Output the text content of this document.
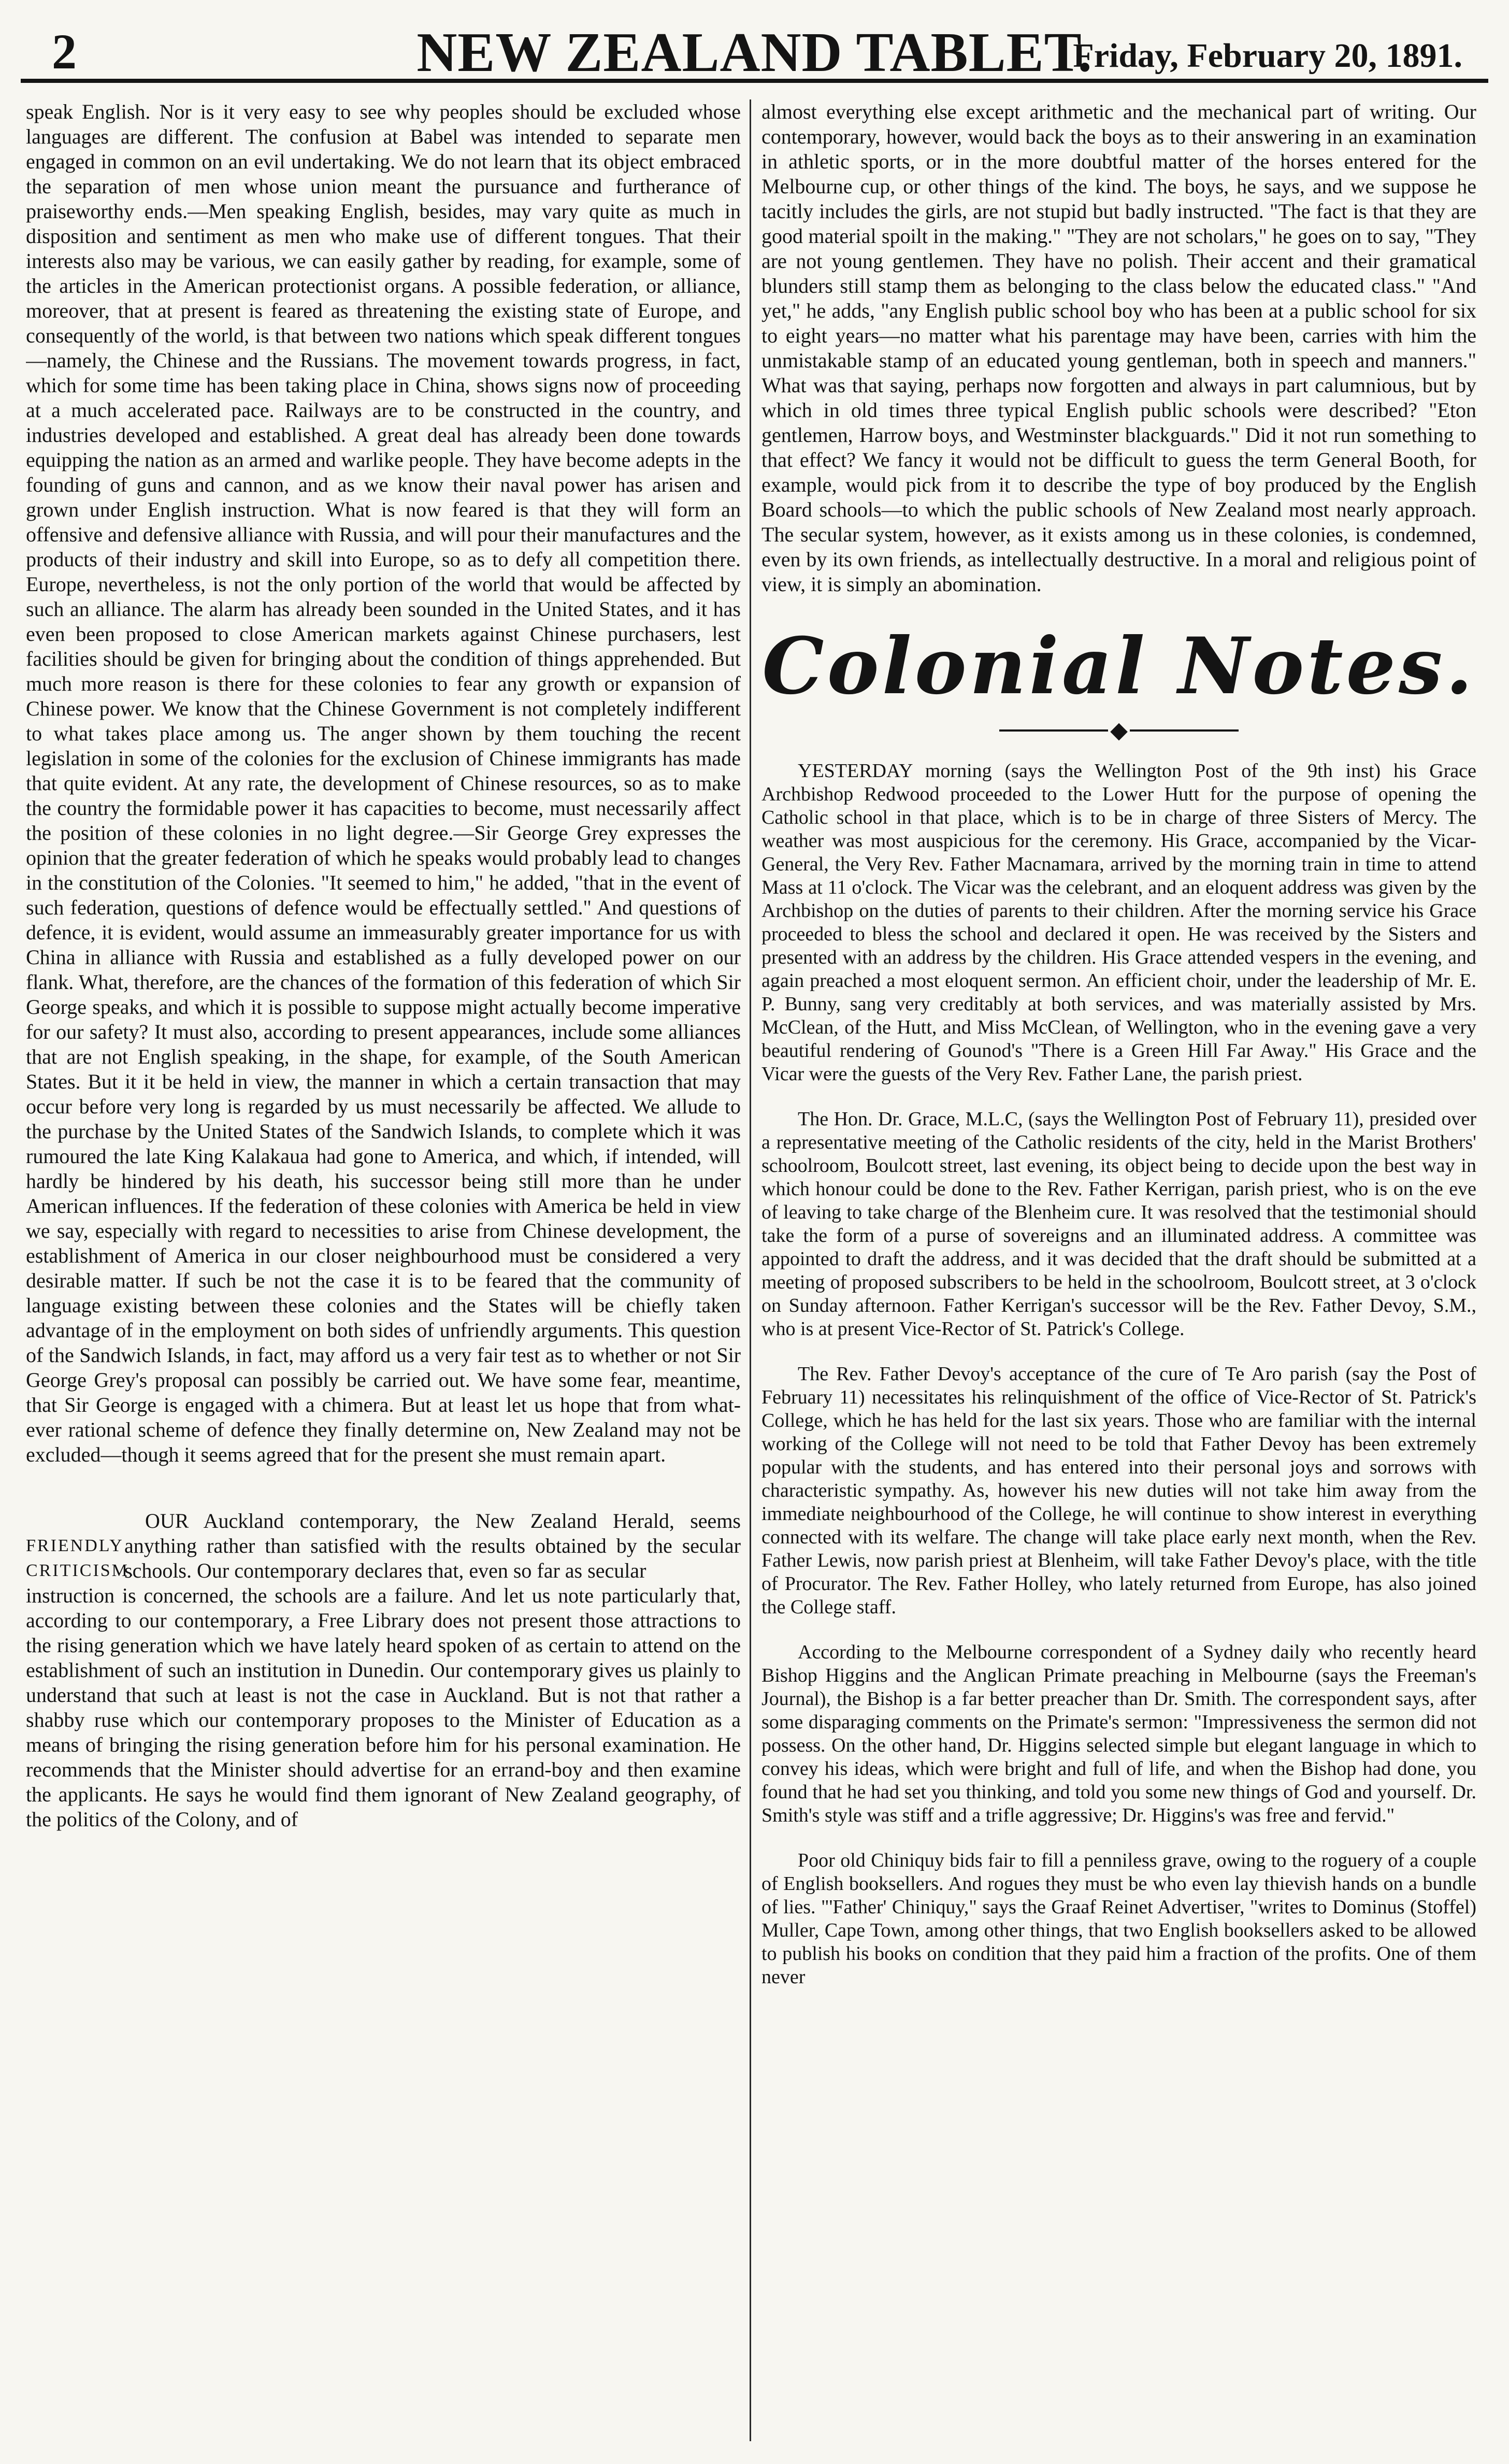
2	NEW ZEALAND TABLET.
Friday, February 20, 1891.

speak English. Nor is it very easy to see why peoples should be excluded whose languages are different. The confusion at Babel was intended to separate men engaged in common on an evil undertaking. We do not learn that its object embraced the separation of men whose union meant the pursuance and furtherance of praiseworthy ends.—Men speaking English, besides, may vary quite as much in disposition and sentiment as men who make use of different tongues. That their interests also may be various, we can easily gather by reading, for example, some of the articles in the American protectionist organs. A possible federation, or alliance, moreover, that at present is feared as threatening the existing state of Europe, and consequently of the world, is that between two nations which speak different tongues—namely, the Chinese and the Russians. The movement towards progress, in fact, which for some time has been taking place in China, shows signs now of proceeding at a much accelerated pace. Railways are to be constructed in the country, and industries developed and established. A great deal has already been done towards equipping the nation as an armed and warlike people. They have become adepts in the founding of guns and cannon, and as we know their naval power has arisen and grown under English instruction. What is now feared is that they will form an offensive and defensive alliance with Russia, and will pour their manufactures and the products of their industry and skill into Europe, so as to defy all competition there. Europe, nevertheless, is not the only portion of the world that would be affected by such an alliance. The alarm has already been sounded in the United States, and it has even been proposed to close American markets against Chinese purchasers, lest facilities should be given for bringing about the condition of things apprehended. But much more reason is there for these colonies to fear any growth or expansion of Chinese power. We know that the Chinese Government is not completely indifferent to what takes place among us. The anger shown by them touching the recent legislation in some of the colonies for the exclusion of Chinese immigrants has made that quite evident. At any rate, the development of Chinese resources, so as to make the country the formidable power it has capacities to become, must necessarily affect the position of these colonies in no light degree.—Sir George Grey expresses the opinion that the greater federation of which he speaks would probably lead to changes in the constitution of the Colonies. "It seemed to him," he added, "that in the event of such federation, questions of defence would be effectually settled." And questions of defence, it is evident, would assume an immeasurably greater importance for us with China in alliance with Russia and established as a fully developed power on our flank. What, therefore, are the chances of the formation of this federation of which Sir George speaks, and which it is possible to suppose might actually become imperative for our safety? It must also, according to present appearances, include some alliances that are not English speaking, in the shape, for example, of the South American States. But it it be held in view, the manner in which a certain transaction that may occur before very long is regarded by us must necessarily be affected. We allude to the purchase by the United States of the Sandwich Islands, to complete which it was rumoured the late King Kalakaua had gone to America, and which, if intended, will hardly be hindered by his death, his successor being still more than he under American influences. If the federation of these colonies with America be held in view we say, especially with regard to necessities to arise from Chinese development, the establishment of America in our closer neighbourhood must be considered a very desirable matter. If such be not the case it is to be feared that the community of language existing between these colonies and the States will be chiefly taken advantage of in the employment on both sides of unfriendly arguments. This question of the Sandwich Islands, in fact, may afford us a very fair test as to whether or not Sir George Grey's proposal can possibly be carried out. We have some fear, meantime, that Sir George is engaged with a chimera. But at least let us hope that from what-ever rational scheme of defence they finally determine on, New Zealand may not be excluded—though it seems agreed that for the present she must remain apart.

FRIENDLY CRITICISM.

OUR Auckland contemporary, the New Zealand Herald, seems anything rather than satisfied with the results obtained by the secular schools. Our contemporary declares that, even so far as secular

instruction is concerned, the schools are a failure. And let us note particularly that, according to our contemporary, a Free Library does not present those attractions to the rising generation which we have lately heard spoken of as certain to attend on the establishment of such an institution in Dunedin. Our contemporary gives us plainly to understand that such at least is not the case in Auckland. But is not that rather a shabby ruse which our contemporary proposes to the Minister of Education as a means of bringing the rising generation before him for his personal examination. He recommends that the Minister should advertise for an errand-boy and then examine the applicants. He says he would find them ignorant of New Zealand geography, of the politics of the Colony, and of

almost everything else except arithmetic and the mechanical part of writing. Our contemporary, however, would back the boys as to their answering in an examination in athletic sports, or in the more doubtful matter of the horses entered for the Melbourne cup, or other things of the kind. The boys, he says, and we suppose he tacitly includes the girls, are not stupid but badly instructed. "The fact is that they are good material spoilt in the making." "They are not scholars," he goes on to say, "They are not young gentlemen. They have no polish. Their accent and their gramatical blunders still stamp them as belonging to the class below the educated class." "And yet," he adds, "any English public school boy who has been at a public school for six to eight years—no matter what his parentage may have been, carries with him the unmistakable stamp of an educated young gentleman, both in speech and manners." What was that saying, perhaps now forgotten and always in part calumnious, but by which in old times three typical English public schools were described? "Eton gentlemen, Harrow boys, and Westminster blackguards." Did it not run something to that effect? We fancy it would not be difficult to guess the term General Booth, for example, would pick from it to describe the type of boy produced by the English Board schools—to which the public schools of New Zealand most nearly approach. The secular system, however, as it exists among us in these colonies, is condemned, even by its own friends, as intellectually destructive. In a moral and religious point of view, it is simply an abomination.

Colonial Notes.
◆

YESTERDAY morning (says the Wellington Post of the 9th inst) his Grace Archbishop Redwood proceeded to the Lower Hutt for the purpose of opening the Catholic school in that place, which is to be in charge of three Sisters of Mercy. The weather was most auspicious for the ceremony. His Grace, accompanied by the Vicar-General, the Very Rev. Father Macnamara, arrived by the morning train in time to attend Mass at 11 o'clock. The Vicar was the celebrant, and an eloquent address was given by the Archbishop on the duties of parents to their children. After the morning service his Grace proceeded to bless the school and declared it open. He was received by the Sisters and presented with an address by the children. His Grace attended vespers in the evening, and again preached a most eloquent sermon. An efficient choir, under the leadership of Mr. E. P. Bunny, sang very creditably at both services, and was materially assisted by Mrs. McClean, of the Hutt, and Miss McClean, of Wellington, who in the evening gave a very beautiful rendering of Gounod's "There is a Green Hill Far Away." His Grace and the Vicar were the guests of the Very Rev. Father Lane, the parish priest.

The Hon. Dr. Grace, M.L.C, (says the Wellington Post of February 11), presided over a representative meeting of the Catholic residents of the city, held in the Marist Brothers' schoolroom, Boulcott street, last evening, its object being to decide upon the best way in which honour could be done to the Rev. Father Kerrigan, parish priest, who is on the eve of leaving to take charge of the Blenheim cure. It was resolved that the testimonial should take the form of a purse of sovereigns and an illuminated address. A committee was appointed to draft the address, and it was decided that the draft should be submitted at a meeting of proposed subscribers to be held in the schoolroom, Boulcott street, at 3 o'clock on Sunday afternoon. Father Kerrigan's successor will be the Rev. Father Devoy, S.M., who is at present Vice-Rector of St. Patrick's College.

The Rev. Father Devoy's acceptance of the cure of Te Aro parish (say the Post of February 11) necessitates his relinquishment of the office of Vice-Rector of St. Patrick's College, which he has held for the last six years. Those who are familiar with the internal working of the College will not need to be told that Father Devoy has been extremely popular with the students, and has entered into their personal joys and sorrows with characteristic sympathy. As, however his new duties will not take him away from the immediate neighbourhood of the College, he will continue to show interest in everything connected with its welfare. The change will take place early next month, when the Rev. Father Lewis, now parish priest at Blenheim, will take Father Devoy's place, with the title of Procurator. The Rev. Father Holley, who lately returned from Europe, has also joined the College staff.

According to the Melbourne correspondent of a Sydney daily who recently heard Bishop Higgins and the Anglican Primate preaching in Melbourne (says the Freeman's Journal), the Bishop is a far better preacher than Dr. Smith. The correspondent says, after some disparaging comments on the Primate's sermon: "Impressiveness the sermon did not possess. On the other hand, Dr. Higgins selected simple but elegant language in which to convey his ideas, which were bright and full of life, and when the Bishop had done, you found that he had set you thinking, and told you some new things of God and yourself. Dr. Smith's style was stiff and a trifle aggressive; Dr. Higgins's was free and fervid."

Poor old Chiniquy bids fair to fill a penniless grave, owing to the roguery of a couple of English booksellers. And rogues they must be who even lay thievish hands on a bundle of lies. "'Father' Chiniquy," says the Graaf Reinet Advertiser, "writes to Dominus (Stoffel) Muller, Cape Town, among other things, that two English booksellers asked to be allowed to publish his books on condition that they paid him a fraction of the profits. One of them never
